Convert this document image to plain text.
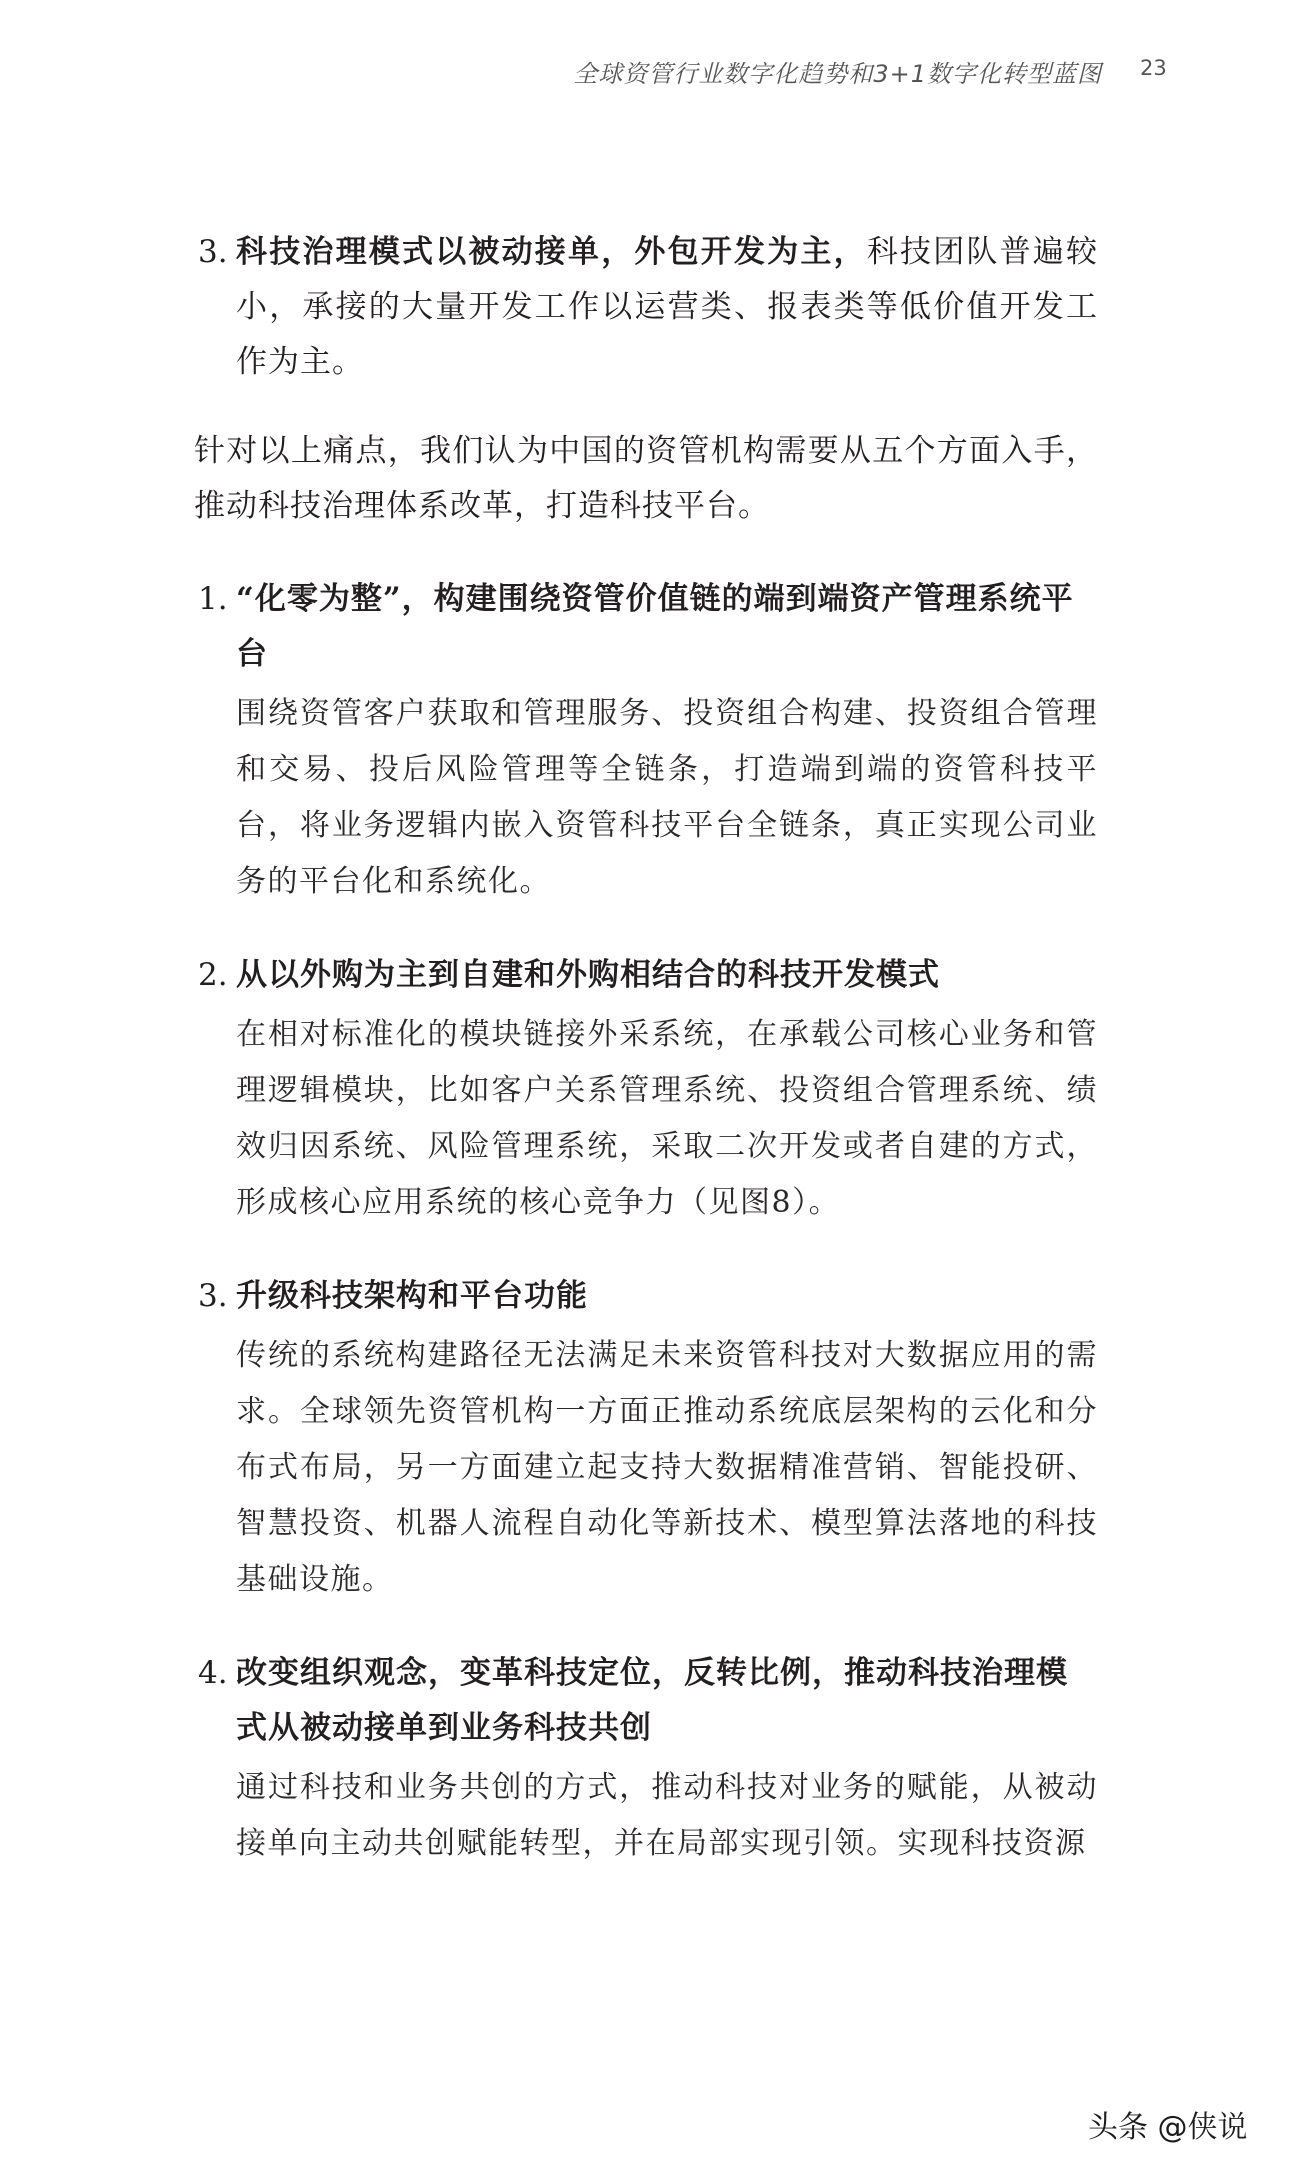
全球资管行业数字化趋势和3+1数字化转型蓝图 23
3. 科技治理模式以被动接单，外包开发为主，科技团队普遍较小，承接的大量开发工作以运营类、报表类等低价值开发工作为主。

针对以上痛点，我们认为中国的资管机构需要从五个方面入手，推动科技治理体系改革，打造科技平台。

1. “化零为整”，构建围绕资管价值链的端到端资产管理系统平台

围绕资管客户获取和管理服务、投资组合构建、投资组合管理和交易、投后风险管理等全链条，打造端到端的资管科技平台，将业务逻辑内嵌入资管科技平台全链条，真正实现公司业务的平台化和系统化。

2. 从以外购为主到自建和外购相结合的科技开发模式

在相对标准化的模块链接外采系统，在承载公司核心业务和管理逻辑模块，比如客户关系管理系统、投资组合管理系统、绩效归因系统、风险管理系统，采取二次开发或者自建的方式，形成核心应用系统的核心竞争力（见图8）。

3. 升级科技架构和平台功能

传统的系统构建路径无法满足未来资管科技对大数据应用的需求。全球领先资管机构一方面正推动系统底层架构的云化和分布式布局，另一方面建立起支持大数据精准营销、智能投研、智慧投资、机器人流程自动化等新技术、模型算法落地的科技基础设施。

4. 改变组织观念，变革科技定位，反转比例，推动科技治理模式从被动接单到业务科技共创

通过科技和业务共创的方式，推动科技对业务的赋能，从被动接单向主动共创赋能转型，并在局部实现引领。实现科技资源

头条 @侠说
